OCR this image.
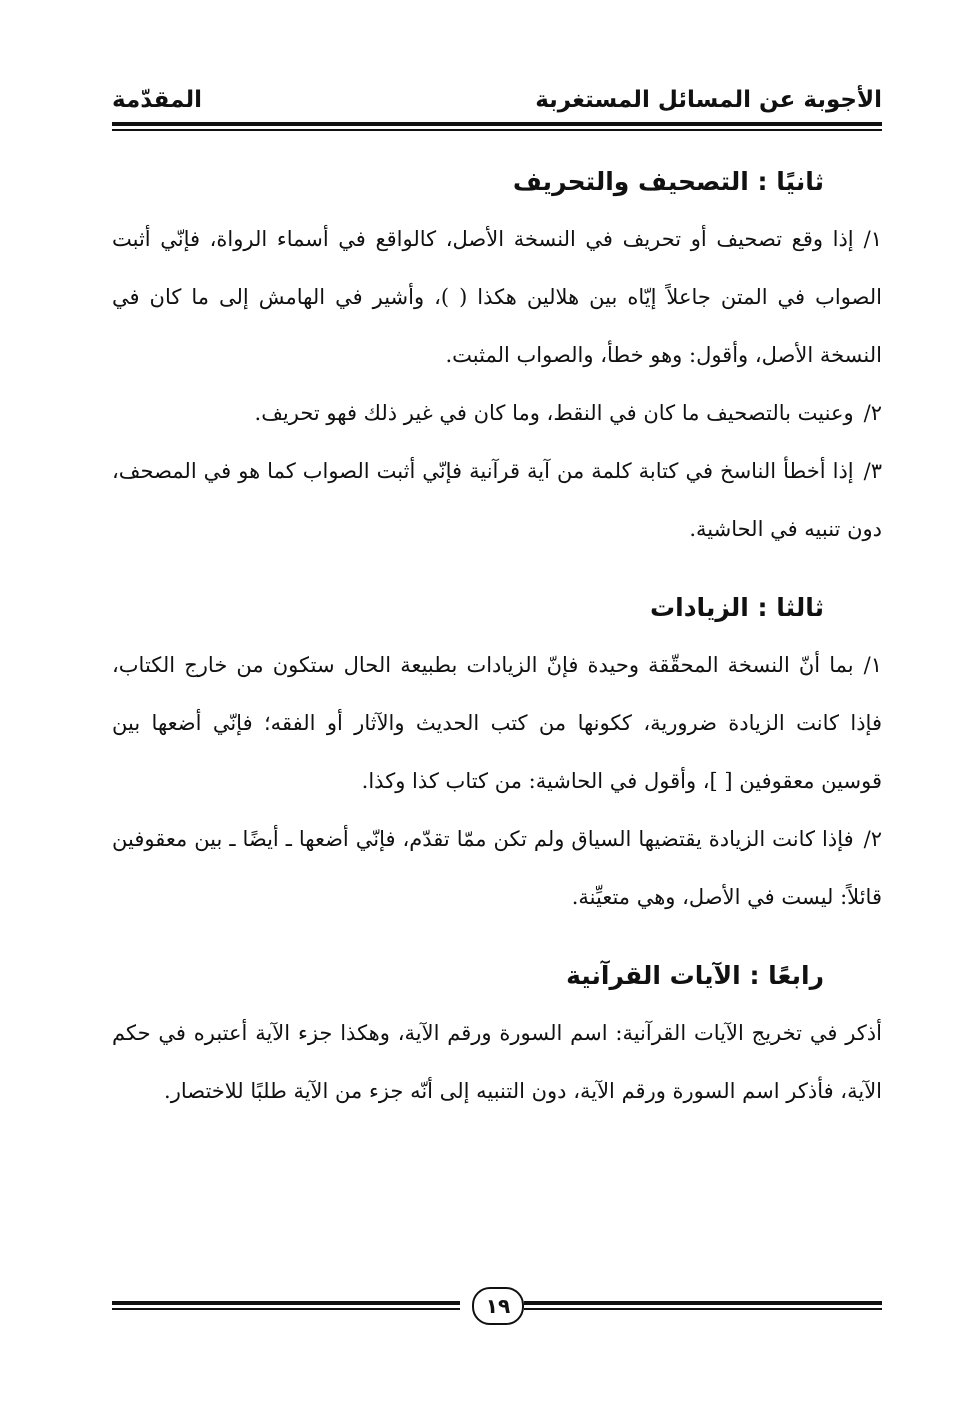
الأجوبة عن المسائل المستغربة
المقدّمة
ثانيًا : التصحيف والتحريف
١/إذا وقع تصحيف أو تحريف في النسخة الأصل، كالواقع في أسماء الرواة، فإنّي أثبت الصواب في المتن جاعلاً إيّاه بين هلالين هكذا ( )، وأشير في الهامش إلى ما كان في النسخة الأصل، وأقول: وهو خطأ، والصواب المثبت.
٢/وعنيت بالتصحيف ما كان في النقط، وما كان في غير ذلك فهو تحريف.
٣/إذا أخطأ الناسخ في كتابة كلمة من آية قرآنية فإنّي أثبت الصواب كما هو في المصحف، دون تنبيه في الحاشية.
ثالثا : الزيادات
١/بما أنّ النسخة المحقّقة وحيدة فإنّ الزيادات بطبيعة الحال ستكون من خارج الكتاب، فإذا كانت الزيادة ضرورية، ككونها من كتب الحديث والآثار أو الفقه؛ فإنّي أضعها بين قوسين معقوفين [ ]، وأقول في الحاشية: من كتاب كذا وكذا.
٢/فإذا كانت الزيادة يقتضيها السياق ولم تكن ممّا تقدّم، فإنّي أضعها ـ أيضًا ـ بين معقوفين قائلاً: ليست في الأصل، وهي متعيِّنة.
رابعًا : الآيات القرآنية
أذكر في تخريج الآيات القرآنية: اسم السورة ورقم الآية، وهكذا جزء الآية أعتبره في حكم الآية، فأذكر اسم السورة ورقم الآية، دون التنبيه إلى أنّه جزء من الآية طلبًا للاختصار.
١٩
